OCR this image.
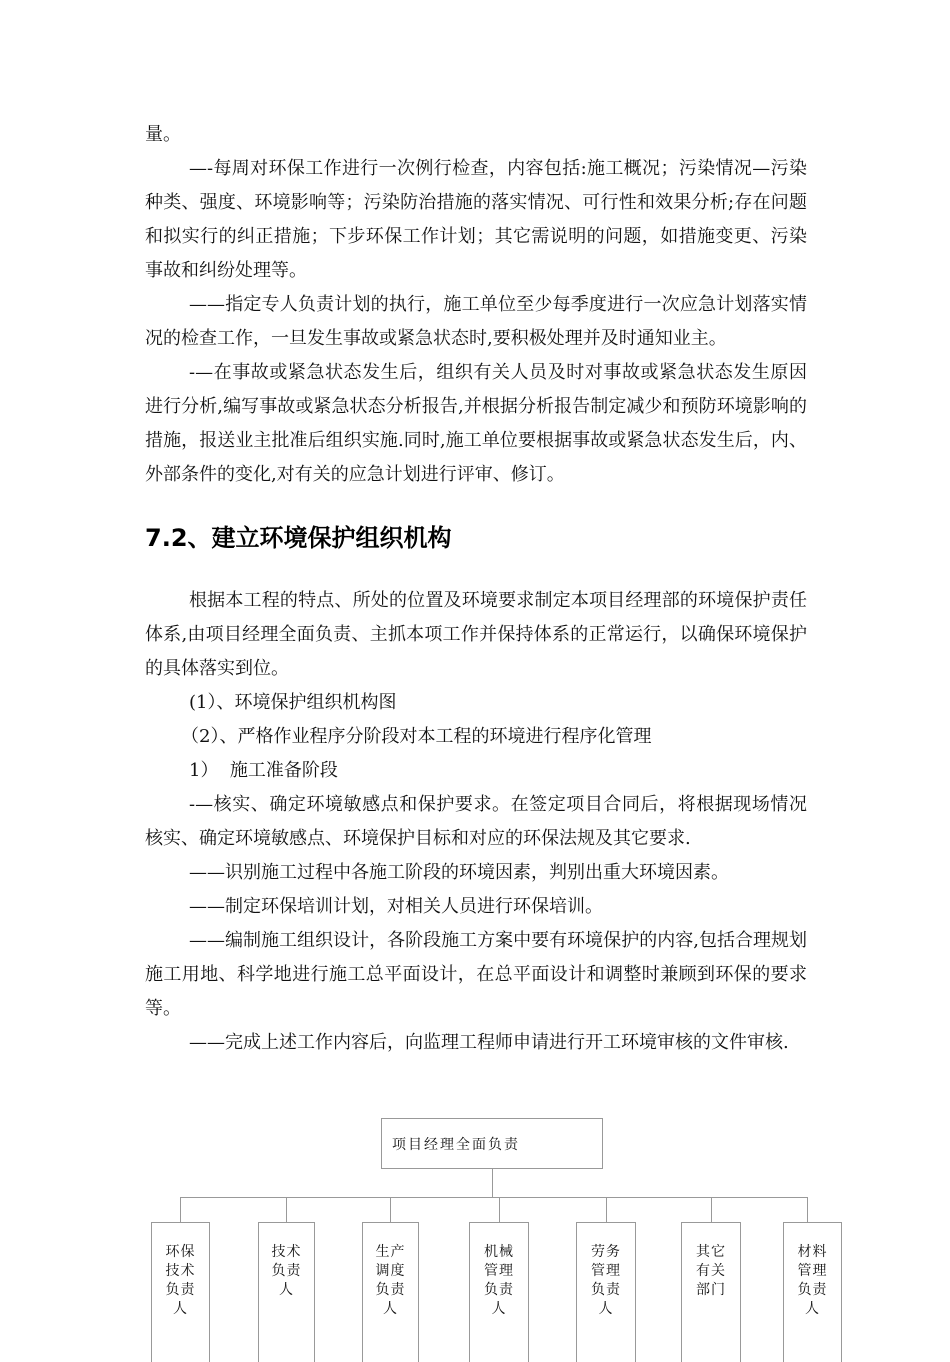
量。

—-每周对环保工作进行一次例行检查，内容包括:施工概况；污染情况—污染种类、强度、环境影响等；污染防治措施的落实情况、可行性和效果分析;存在问题和拟实行的纠正措施；下步环保工作计划；其它需说明的问题，如措施变更、污染事故和纠纷处理等。

——指定专人负责计划的执行，施工单位至少每季度进行一次应急计划落实情况的检查工作，一旦发生事故或紧急状态时,要积极处理并及时通知业主。

-—在事故或紧急状态发生后，组织有关人员及时对事故或紧急状态发生原因进行分析,编写事故或紧急状态分析报告,并根据分析报告制定减少和预防环境影响的措施，报送业主批准后组织实施.同时,施工单位要根据事故或紧急状态发生后，内、外部条件的变化,对有关的应急计划进行评审、修订。

7.2、建立环境保护组织机构

根据本工程的特点、所处的位置及环境要求制定本项目经理部的环境保护责任体系,由项目经理全面负责、主抓本项工作并保持体系的正常运行，以确保环境保护的具体落实到位。

(1）、环境保护组织机构图

（2）、严格作业程序分阶段对本工程的环境进行程序化管理

1）  施工准备阶段

-—核实、确定环境敏感点和保护要求。在签定项目合同后，将根据现场情况核实、确定环境敏感点、环境保护目标和对应的环保法规及其它要求.

——识别施工过程中各施工阶段的环境因素，判别出重大环境因素。

——制定环保培训计划，对相关人员进行环保培训。

——编制施工组织设计，各阶段施工方案中要有环境保护的内容,包括合理规划施工用地、科学地进行施工总平面设计，在总平面设计和调整时兼顾到环保的要求等。

——完成上述工作内容后，向监理工程师申请进行开工环境审核的文件审核.

项目经理全面负责
环保技术负责人
技术负责人
生产调度负责人
机械管理负责人
劳务管理负责人
其它有关部门
材料管理负责人
